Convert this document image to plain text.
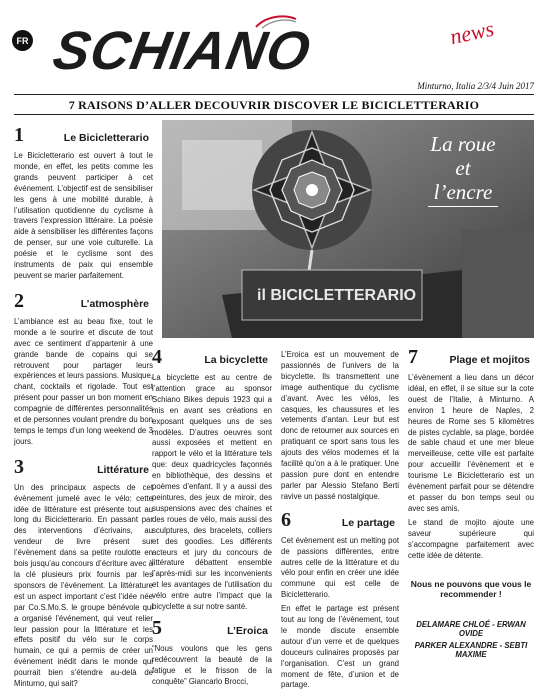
FR SCHIANO	news
Minturno, Italia 2/3/4 Juin 2017
7 RAISONS D’ALLER DECOUVRIR DISCOVER LE BICICLETTERARIO
il BICICLETTERARIO
La roue
et
l’encre
1	Le Bicicletterario

Le Bicicletterario est ouvert à tout le monde, en effet, les petits comme les grands peuvent participer à cet événement. L’objectif est de sensibiliser les gens à une mobilité durable, à l’utilisation quotidienne du cyclisme à travers l’expression littéraire. La poésie aide à sensibiliser les différentes façons de penser, sur une voie culturelle. La poésie et le cyclisme sont des instruments de paix qui ensemble peuvent se marier parfaitement.

2	L’atmosphère

L’ambiance est au beau fixe, tout le monde a le sourire et discute de tout avec ce sentiment d’appartenir à une grande bande de copains qui se retrouvent pour partager leurs expériences et leurs passions. Musique, chant, cocktails et rigolade. Tout est présent pour passer un bon moment en compagnie de différentes personnalités et de personnes voulant prendre du bon temps le temps d’un long weekend de 3 jours.

3	Littérature

Un des principaux aspects de cet évènement jumelé avec le vélo: cette idée de littérature est présente tout au long du Bicicletterario. En passant par des interventions d’écrivains, au vendeur de livre présent sur l’évènement dans sa petite roulotte en bois jusqu’au concours d’écriture avec à la clé plusieurs prix fournis par les sponsors de l’événement. La littérature est un aspect important c’est l’idée née par Co.S.Mo.S. le groupe bénévole qui a organisé l’événement, qui veut relier leur passion pour la littérature et les effets positif du vélo sur le corps humain, ce qui a permis de créer un évènement inédit dans le monde qui pourrait bien s’étendre au-delà de Minturno, qui sait?

4	La bicyclette

La bicyclette est au centre de l’attention grace au sponsor Schiano Bikes depuis 1923 qui a mis en avant ses créations en exposant quelques uns de ses modèles. D’autres oeuvres sont aussi exposées et mettent en rapport le vélo et la littérature tels que: deux quadricycles façonnés en bibliothèque, des dessins et poèmes d’enfant. Il y a aussi des peintures, des jeux de miroir, des suspensions avec des chaines et des roues de vélo, mais aussi des sculptures, des bracelets, colliers et des goodies. Les différents acteurs et jury du concours de littérature débattent ensemble l’après-midi sur les inconvenients et les avantages de l’utilisation du vélo entre autre l’impact que la bicyclette a sur notre santé.

5	L’Eroica

“Nous voulons que les gens redécouvrent la beauté de la fatigue et le frisson de la conquête” Giancarlo Brocci,

L’Eroica est un mouvement de passionnés de l’univers de la bicyclette. Ils transmettent une image authentique du cyclisme d’avant. Avec les vélos, les casques, les chaussures et les vetements d’antan. Leur but est donc de retourner aux sources en pratiquant ce sport sans tous les ajouts des vélos modernes et la facilité qu’on a à le pratiquer. Une passion pure dont en entendre parler par Alessio Stefano Berti ravive un passé nostalgique.

6	Le partage

Cet évènement est un melting pot de passions différentes, entre autres celle de la littérature et du vélo pour enfin en créer une idée commune qui est celle de Bicicletterario.

En effet le partage est présent tout au long de l’évènement, tout le monde discute ensemble autour d’un verre et de quelques douceurs culinaires proposés par l’organisation. C’est un grand moment de fête, d’union et de partage.

7	Plage et mojitos

L’évènement a lieu dans un décor idéal, en effet, il se situe sur la cote ouest de l’Italie, à Minturno. A environ 1 heure de Naples, 2 heures de Rome ses 5 kilomètres de pistes cyclable, sa plage, bordée de sable chaud et une mer bleue merveilleuse, cette ville est parfaite pour accueillir l’évènement et e tourisme Le Bicicletterario est un évènement parfait pour se détendre et passer du bon temps seul ou avec ses amis.

Le stand de mojito ajoute une saveur supérieure qui s’accompagne parfaitement avec cette idée de détente.

Nous ne pouvons que vous le
recommender !
DELAMARE CHLOÉ - ERWAN OVIDE
PARKER ALEXANDRE - SEBTI MAXIME
